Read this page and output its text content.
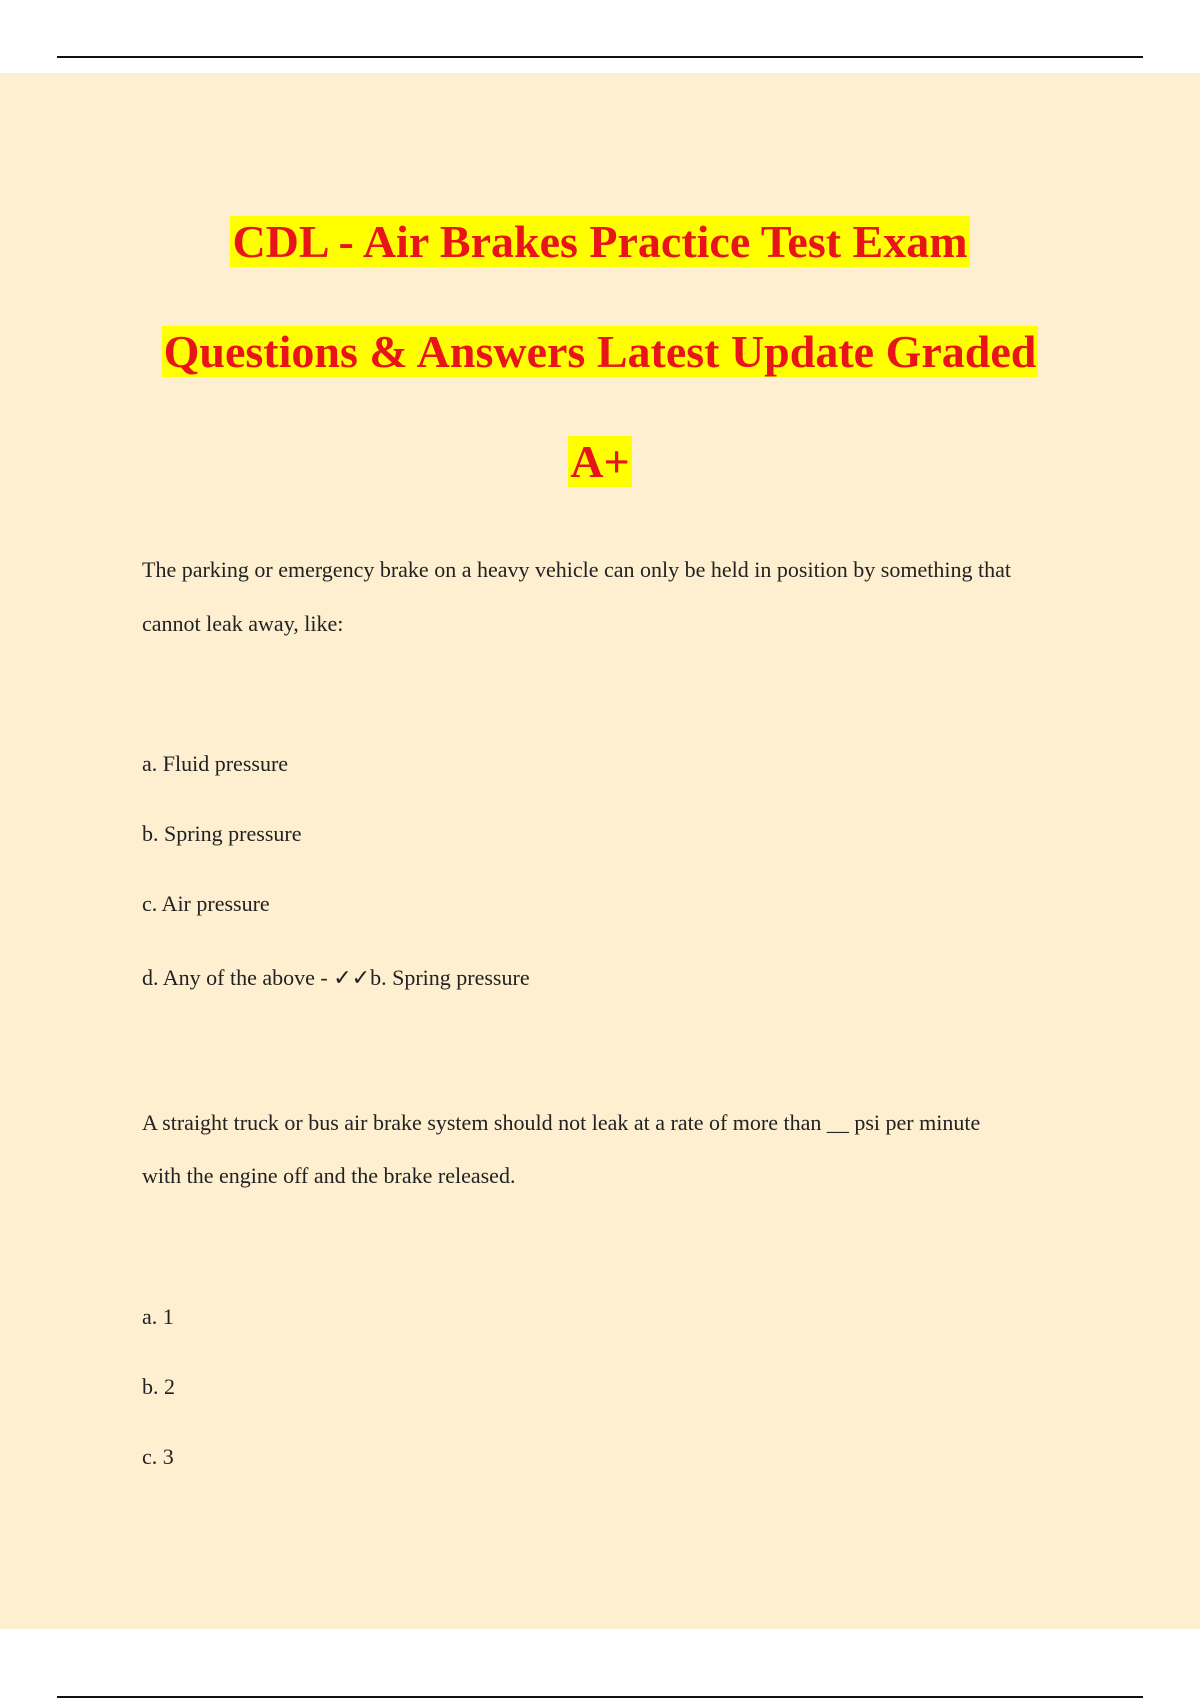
CDL - Air Brakes Practice Test Exam
Questions & Answers Latest Update Graded
A+
The parking or emergency brake on a heavy vehicle can only be held in position by something that
cannot leak away, like:
a. Fluid pressure
b. Spring pressure
c. Air pressure
d. Any of the above - ✓✓b. Spring pressure
A straight truck or bus air brake system should not leak at a rate of more than __ psi per minute
with the engine off and the brake released.
a. 1
b. 2
c. 3
